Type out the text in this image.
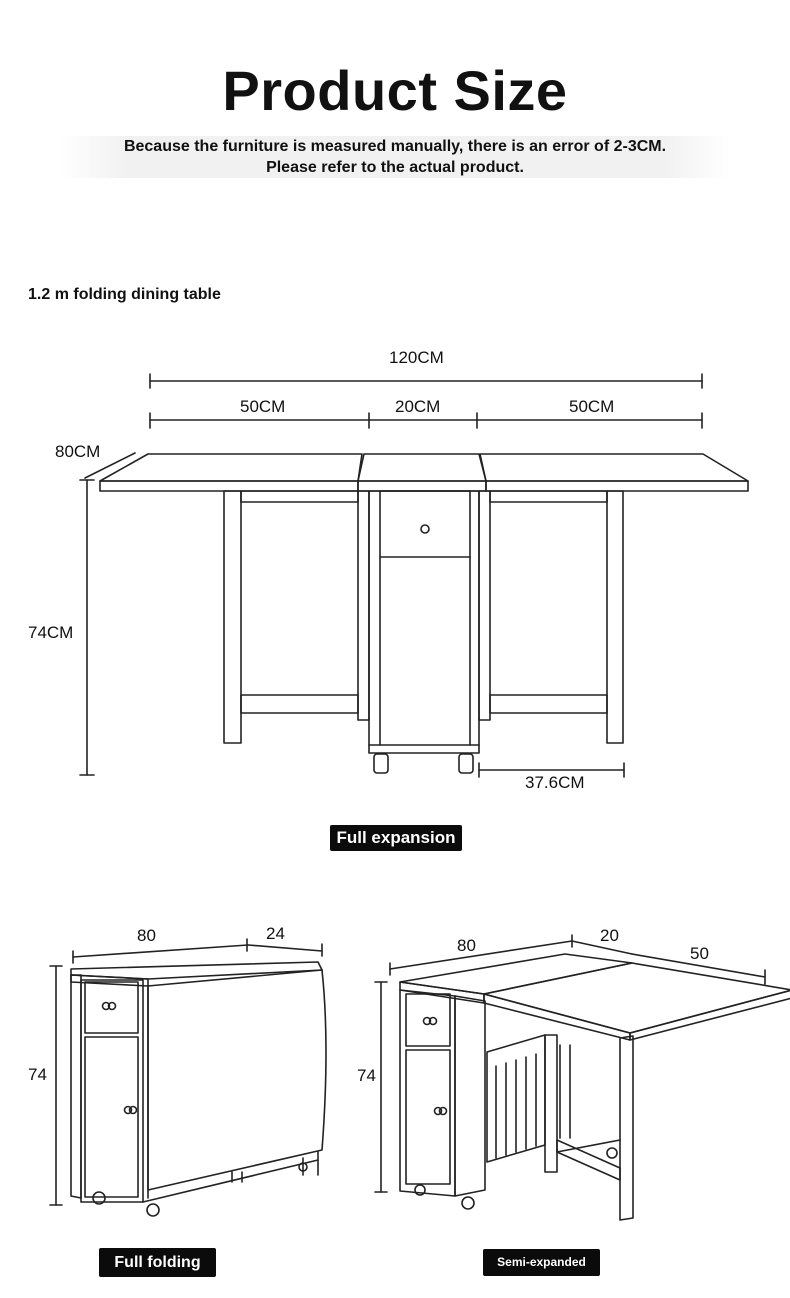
Product Size
Because the furniture is measured manually, there is an error of 2-3CM.
Please refer to the actual product.
1.2 m folding dining table
120CM
50CM	20CM	50CM
80CM
74CM
37.6CM
Full expansion
80	24
74
80
20
50
74
Full folding	Semi-expanded
